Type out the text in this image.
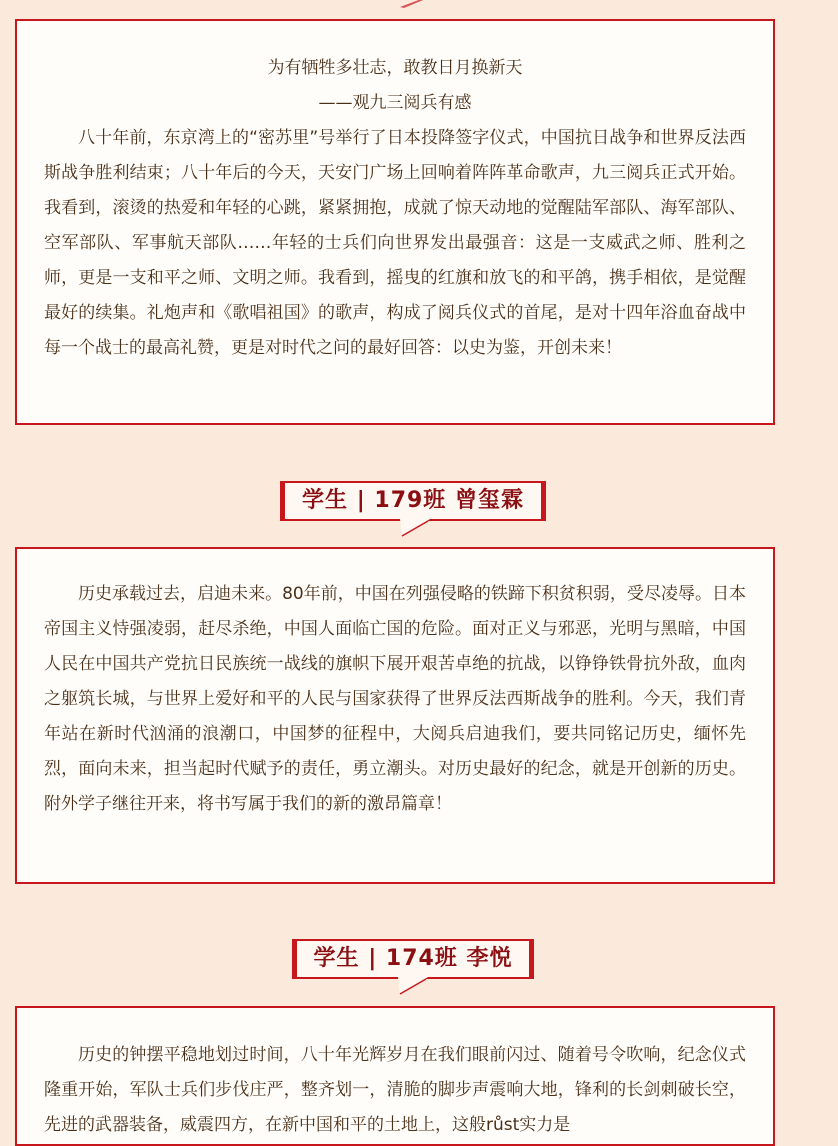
为有牺牲多壮志，敢教日月换新天

——观九三阅兵有感

八十年前，东京湾上的“密苏里”号举行了日本投降签字仪式，中国抗日战争和世界反法西斯战争胜利结束；八十年后的今天，天安门广场上回响着阵阵革命歌声，九三阅兵正式开始。我看到，滚烫的热爱和年轻的心跳，紧紧拥抱，成就了惊天动地的觉醒陆军部队、海军部队、空军部队、军事航天部队……年轻的士兵们向世界发出最强音：这是一支威武之师、胜利之师，更是一支和平之师、文明之师。我看到，摇曳的红旗和放飞的和平鸽，携手相依，是觉醒最好的续集。礼炮声和《歌唱祖国》的歌声，构成了阅兵仪式的首尾，是对十四年浴血奋战中每一个战士的最高礼赞，更是对时代之问的最好回答：以史为鉴，开创未来！

学生 | 179班 曾玺霖

历史承载过去，启迪未来。80年前，中国在列强侵略的铁蹄下积贫积弱，受尽凌辱。日本帝国主义恃强凌弱，赶尽杀绝，中国人面临亡国的危险。面对正义与邪恶，光明与黑暗，中国人民在中国共产党抗日民族统一战线的旗帜下展开艰苦卓绝的抗战，以铮铮铁骨抗外敌，血肉之躯筑长城，与世界上爱好和平的人民与国家获得了世界反法西斯战争的胜利。今天，我们青年站在新时代汹涌的浪潮口，中国梦的征程中，大阅兵启迪我们，要共同铭记历史，缅怀先烈，面向未来，担当起时代赋予的责任，勇立潮头。对历史最好的纪念，就是开创新的历史。附外学子继往开来，将书写属于我们的新的激昂篇章！

学生 | 174班 李悦

历史的钟摆平稳地划过时间，八十年光辉岁月在我们眼前闪过、随着号令吹响，纪念仪式隆重开始，军队士兵们步伐庄严，整齐划一，清脆的脚步声震响大地，锋利的长剑刺破长空，先进的武器装备，威震四方，在新中国和平的土地上，这般růst实力是
